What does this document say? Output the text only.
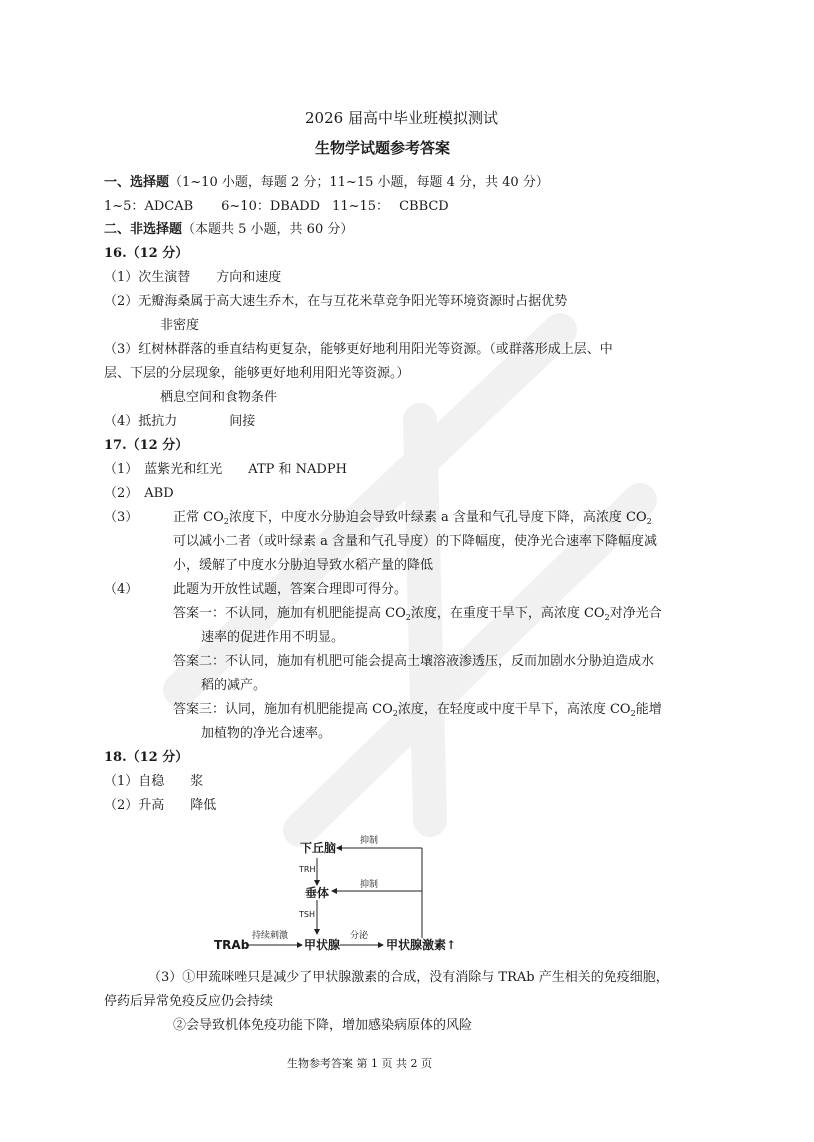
2026 届高中毕业班模拟测试
生物学试题参考答案
一、选择题（1~10 小题，每题 2 分；11~15 小题，每题 4 分，共 40 分）
1~5：ADCAB 6~10：DBADD 11~15： CBBCD
二、非选择题（本题共 5 小题，共 60 分）
16.（12 分）
（1）次生演替　　方向和速度
（2）无瓣海桑属于高大速生乔木，在与互花米草竞争阳光等环境资源时占据优势
非密度
（3）红树林群落的垂直结构更复杂，能够更好地利用阳光等资源。（或群落形成上层、中
层、下层的分层现象，能够更好地利用阳光等资源。）
栖息空间和食物条件
（4）抵抗力　　　　间接
17.（12 分）
（1） 蓝紫光和红光　　ATP 和 NADPH
（2） ABD
（3）	正常 $CO_2$浓度下，中度水分胁迫会导致叶绿素 a 含量和气孔导度下降，高浓度 $CO_2$
可以减小二者（或叶绿素 a 含量和气孔导度）的下降幅度，使净光合速率下降幅度减
小，缓解了中度水分胁迫导致水稻产量的降低
（4）	此题为开放性试题，答案合理即可得分。
答案一：不认同，施加有机肥能提高 $CO_2$浓度，在重度干旱下，高浓度 $CO_2$对净光合
速率的促进作用不明显。
答案二：不认同，施加有机肥可能会提高土壤溶液渗透压，反而加剧水分胁迫造成水
稻的减产。
答案三：认同，施加有机肥能提高 $CO_2$浓度，在轻度或中度干旱下，高浓度 $CO_2$能增
加植物的净光合速率。
18.（12 分）
（1）自稳　　浆
（2）升高　　降低
下丘脑
TRH
垂体
TSH
抑制
抑制
TRAb
持续刺激
甲状腺
分泌
甲状腺激素↑
（3）①甲巯咪唑只是减少了甲状腺激素的合成，没有消除与 TRAb 产生相关的免疫细胞，
停药后异常免疫反应仍会持续
②会导致机体免疫功能下降，增加感染病原体的风险
生物参考答案 第 1 页 共 2 页
